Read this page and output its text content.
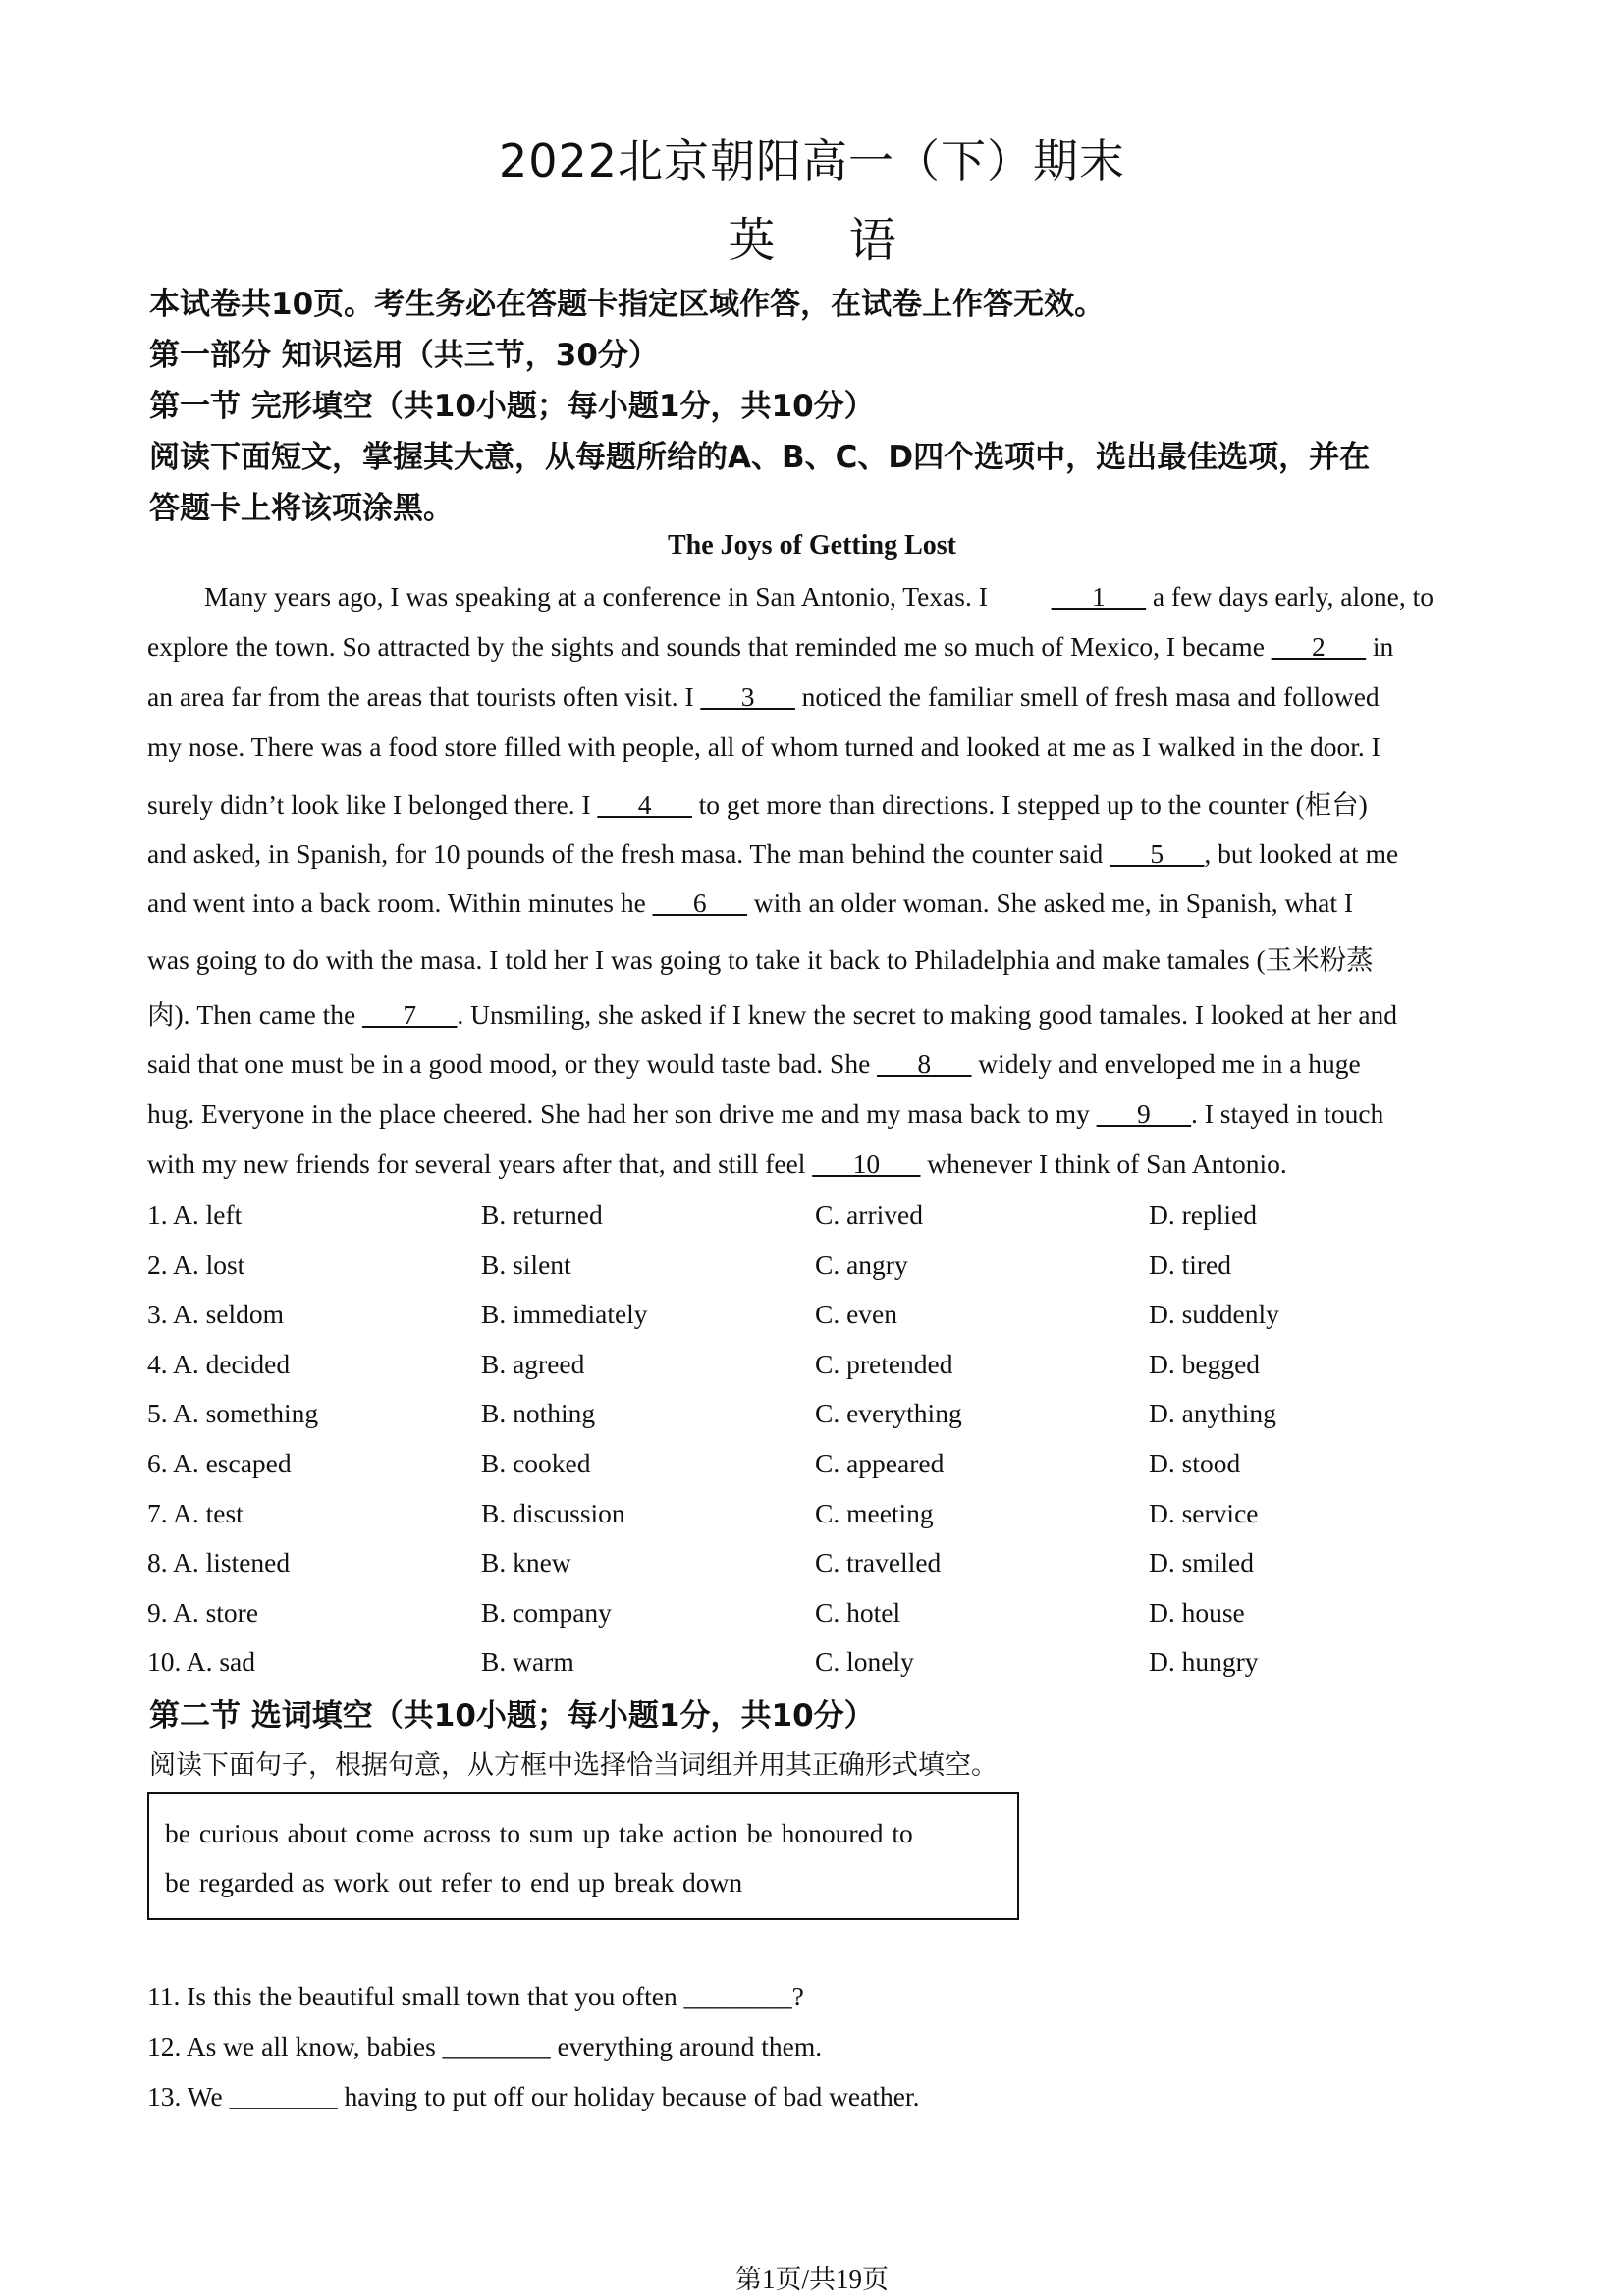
2022北京朝阳高一（下）期末
英 语
本试卷共10页。考生务必在答题卡指定区域作答，在试卷上作答无效。
第一部分 知识运用（共三节，30分）
第一节 完形填空（共10小题；每小题1分，共10分）
阅读下面短文，掌握其大意，从每题所给的A、B、C、D四个选项中，选出最佳选项，并在
答题卡上将该项涂黑。
The Joys of Getting Lost
Many years ago, I was speaking at a conference in San Antonio, Texas. I ___1___ a few days early, alone, to
explore the town. So attracted by the sights and sounds that reminded me so much of Mexico, I became ___2___ in
an area far from the areas that tourists often visit. I ___3___ noticed the familiar smell of fresh masa and followed
my nose. There was a food store filled with people, all of whom turned and looked at me as I walked in the door. I
surely didn’t look like I belonged there. I ___4___ to get more than directions. I stepped up to the counter (柜台)
and asked, in Spanish, for 10 pounds of the fresh masa. The man behind the counter said ___5___, but looked at me
and went into a back room. Within minutes he ___6___ with an older woman. She asked me, in Spanish, what I
was going to do with the masa. I told her I was going to take it back to Philadelphia and make tamales (玉米粉蒸
肉). Then came the ___7___. Unsmiling, she asked if I knew the secret to making good tamales. I looked at her and
said that one must be in a good mood, or they would taste bad. She ___8___ widely and enveloped me in a huge
hug. Everyone in the place cheered. She had her son drive me and my masa back to my ___9___. I stayed in touch
with my new friends for several years after that, and still feel ___10___ whenever I think of San Antonio.
1. A. left	B. returned	C. arrived	D. replied
2. A. lost	B. silent	C. angry	D. tired
3. A. seldom	B. immediately	C. even	D. suddenly
4. A. decided	B. agreed	C. pretended	D. begged
5. A. something	B. nothing	C. everything	D. anything
6. A. escaped	B. cooked	C. appeared	D. stood
7. A. test	B. discussion	C. meeting	D. service
8. A. listened	B. knew	C. travelled	D. smiled
9. A. store	B. company	C. hotel	D. house
10. A. sad	B. warm	C. lonely	D. hungry
第二节 选词填空（共10小题；每小题1分，共10分）
阅读下面句子，根据句意，从方框中选择恰当词组并用其正确形式填空。
be curious about come across to sum up take action be honoured to
be regarded as work out refer to end up break down
11. Is this the beautiful small town that you often ________?
12. As we all know, babies ________ everything around them.
13. We ________ having to put off our holiday because of bad weather.
第1页/共19页
